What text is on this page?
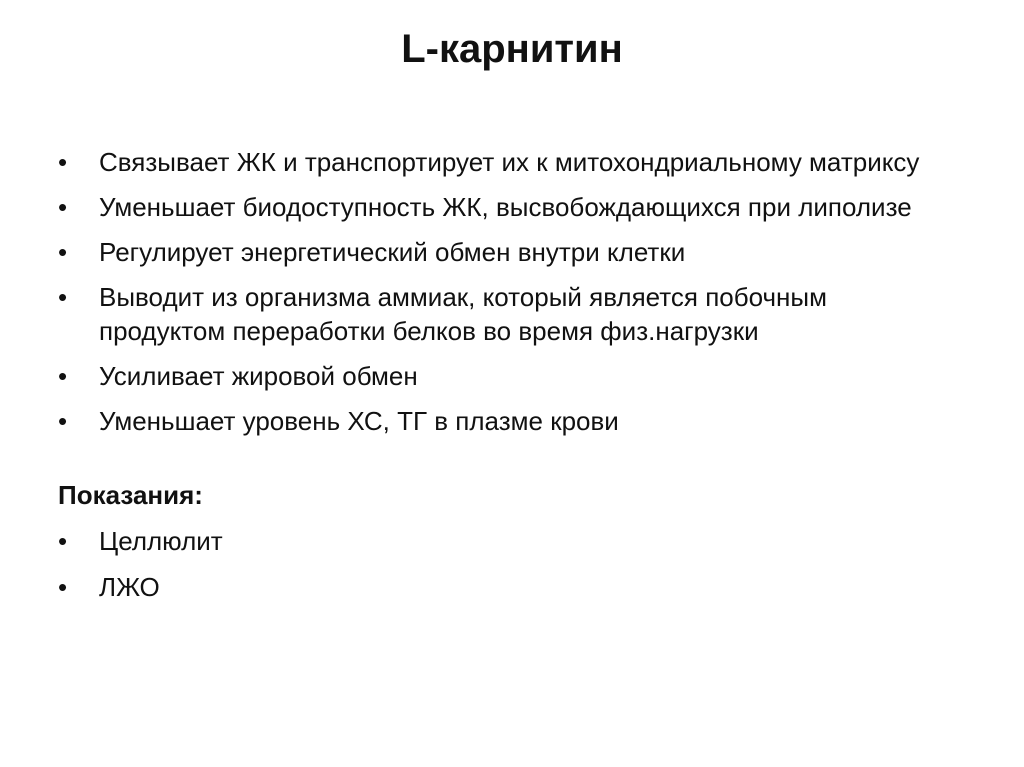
L-карнитин
•	Связывает ЖК и транспортирует их к митохондриальному матриксу
•	Уменьшает биодоступность ЖК, высвобождающихся при липолизе
•	Регулирует энергетический обмен внутри клетки
•	Выводит из организма аммиак, который является побочным продуктом переработки белков во время физ.нагрузки
•	Усиливает жировой обмен
•	Уменьшает уровень ХС, ТГ в плазме крови
Показания:
•	Целлюлит
•	ЛЖО
